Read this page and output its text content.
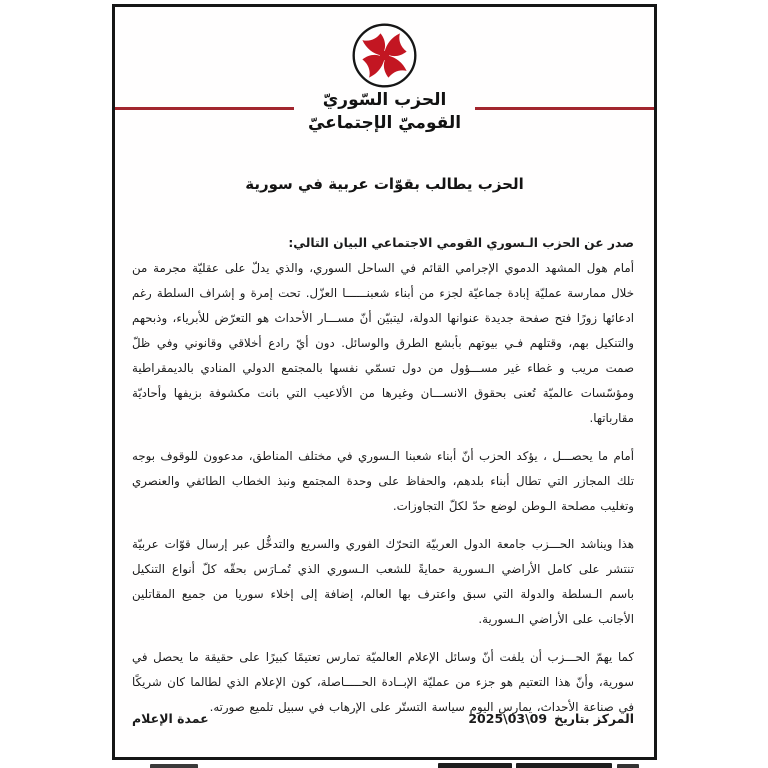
الحزب السّوريّ
القوميّ الإجتماعيّ
الحزب يطالب بقوّات عربية في سورية
صدر عن الحزب الـسوري القومي الاجتماعي البيان التالي:

أمام هول المشهد الدموي الإجرامي القائم في الساحل السوري، والذي يدلّ على عقليّة مجرمة من خلال ممارسة عمليّة إبادة جماعيّة لجزء من أبناء شعبنــــــا العزّل. تحت إمرة و إشراف السلطة رغم ادعائها زورًا فتح صفحة جديدة عنوانها الدولة، ليتبيّن أنّ مســـار الأحداث هو التعرّض للأبرياء، وذبحهم والتنكيل بهم، وقتلهم فـي بيوتهم بأبشع الطرق والوسائل. دون أيّ رادع أخلاقي وقانوني وفي ظلّ صمت مريب و غطاء غير مســـؤول من دول تسمّي نفسها بالمجتمع الدولي المنادي بالديمقراطية ومؤسّسات عالميّة تُعنى بحقوق الانســـان وغيرها من الألاعيب التي بانت مكشوفة بزيفها وأحاديّة مقارباتها.

أمام ما يحصـــل ، يؤكد الحزب أنّ أبناء شعبنا الـسوري في مختلف المناطق، مدعوون للوقوف بوجه تلك المجازر التي تطال أبناء بلدهم، والحفاظ على وحدة المجتمع ونبذ الخطاب الطائفي والعنصري وتغليب مصلحة الـوطن لوضع حدّ لكلّ التجاوزات.

هذا ويناشد الحـــزب جامعة الدول العربيّة التحرّك الفوري والسريع والتدخُّل عبر إرسال قوّات عربيّة تنتشر على كامل الأراضي الـسورية حمايةً للشعب الـسوري الذي تُمـارَس بحقّه كلّ أنواع التنكيل باسم الـسلطة والدولة التي سبق واعترف بها العالم، إضافة إلى إخلاء سوريا من جميع المقاتلين الأجانب على الأراضي الـسورية.

كما يهمّ الحـــزب أن يلفت أنّ وسائل الإعلام العالميّة تمارس تعتيمًا كبيرًا على حقيقة ما يحصل في سورية، وأنّ هذا التعتيم هو جزء من عمليّة الإبــادة الحـــــاصلة، كون الإعلام الذي لطالما كان شريكًا في صناعة الأحداث، يمارس اليوم سياسة التستّر على الإرهاب في سبيل تلميع صورته.

المركز بتاريخ
2025\03\09
عمدة الإعلام
